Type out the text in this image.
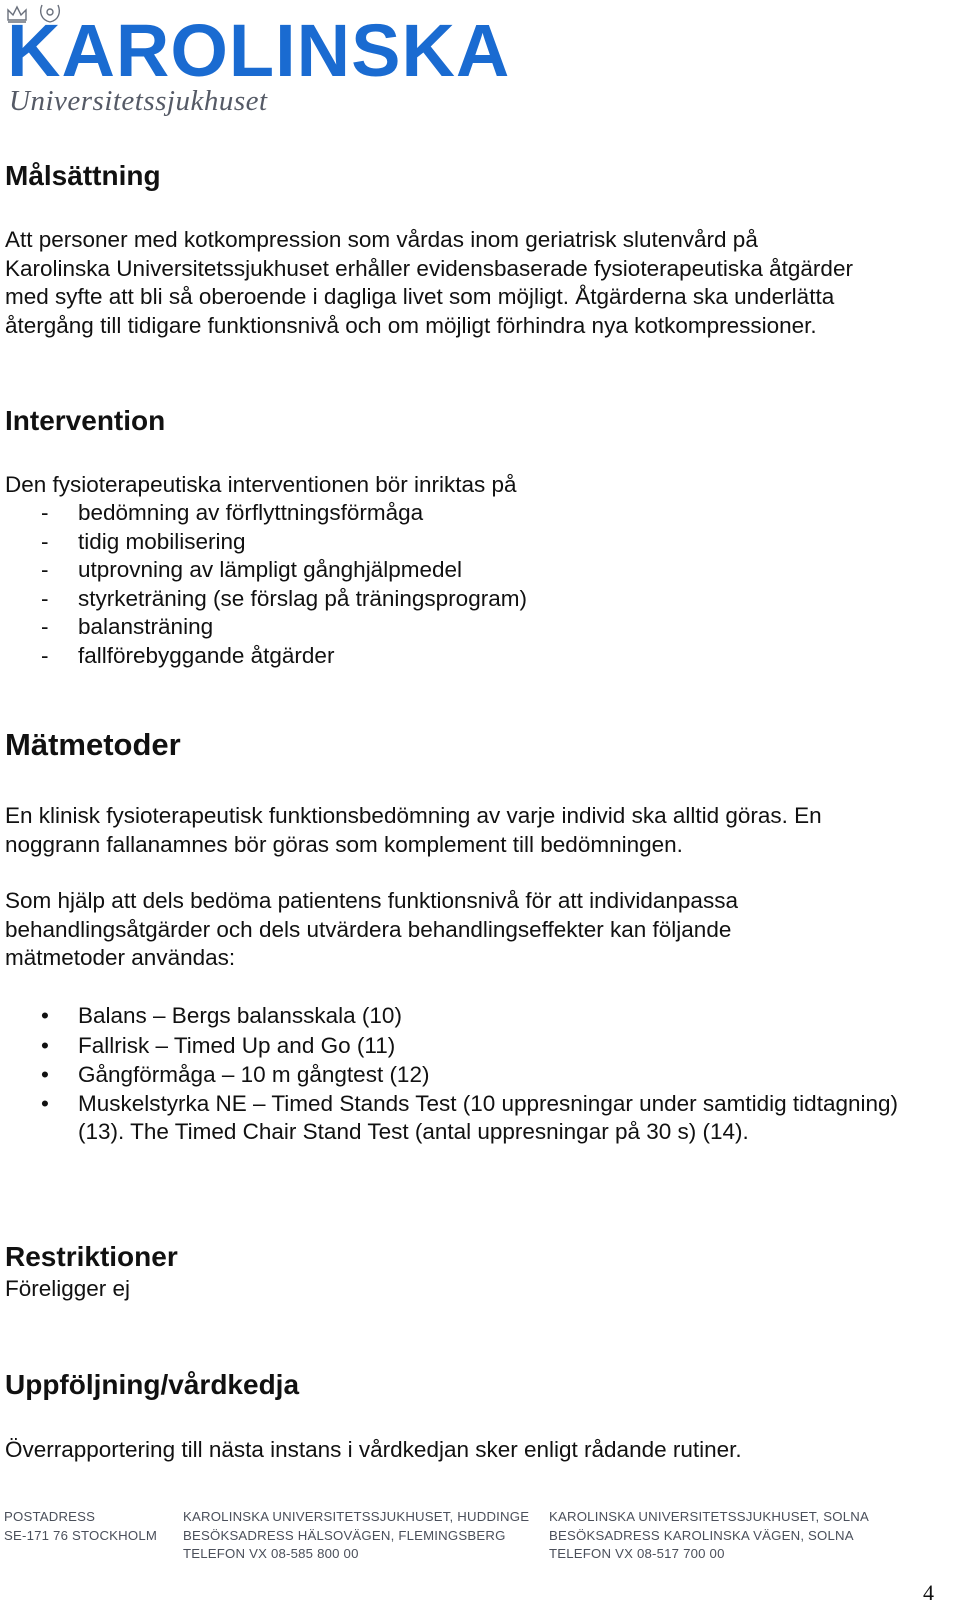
KAROLINSKA
Universitetssjukhuset
Målsättning
Att personer med kotkompression som vårdas inom geriatrisk slutenvård på
Karolinska Universitetssjukhuset erhåller evidensbaserade fysioterapeutiska åtgärder
med syfte att bli så oberoende i dagliga livet som möjligt. Åtgärderna ska underlätta
återgång till tidigare funktionsnivå och om möjligt förhindra nya kotkompressioner.
Intervention
Den fysioterapeutiska interventionen bör inriktas på
- bedömning av förflyttningsförmåga
- tidig mobilisering
- utprovning av lämpligt gånghjälpmedel
- styrketräning (se förslag på träningsprogram)
- balansträning
- fallförebyggande åtgärder
Mätmetoder
En klinisk fysioterapeutisk funktionsbedömning av varje individ ska alltid göras. En
noggrann fallanamnes bör göras som komplement till bedömningen.
Som hjälp att dels bedöma patientens funktionsnivå för att individanpassa
behandlingsåtgärder och dels utvärdera behandlingseffekter kan följande
mätmetoder användas:
• Balans – Bergs balansskala (10)
• Fallrisk – Timed Up and Go (11)
• Gångförmåga – 10 m gångtest (12)
• Muskelstyrka NE – Timed Stands Test (10 uppresningar under samtidig tidtagning) (13). The Timed Chair Stand Test (antal uppresningar på 30 s) (14).
Restriktioner
Föreligger ej
Uppföljning/vårdkedja
Överrapportering till nästa instans i vårdkedjan sker enligt rådande rutiner.
POSTADRESS
SE-171 76 STOCKHOLM
KAROLINSKA UNIVERSITETSSJUKHUSET, HUDDINGE
BESÖKSADRESS HÄLSOVÄGEN, FLEMINGSBERG
TELEFON VX 08-585 800 00
KAROLINSKA UNIVERSITETSSJUKHUSET, SOLNA
BESÖKSADRESS KAROLINSKA VÄGEN, SOLNA
TELEFON VX 08-517 700 00
4
